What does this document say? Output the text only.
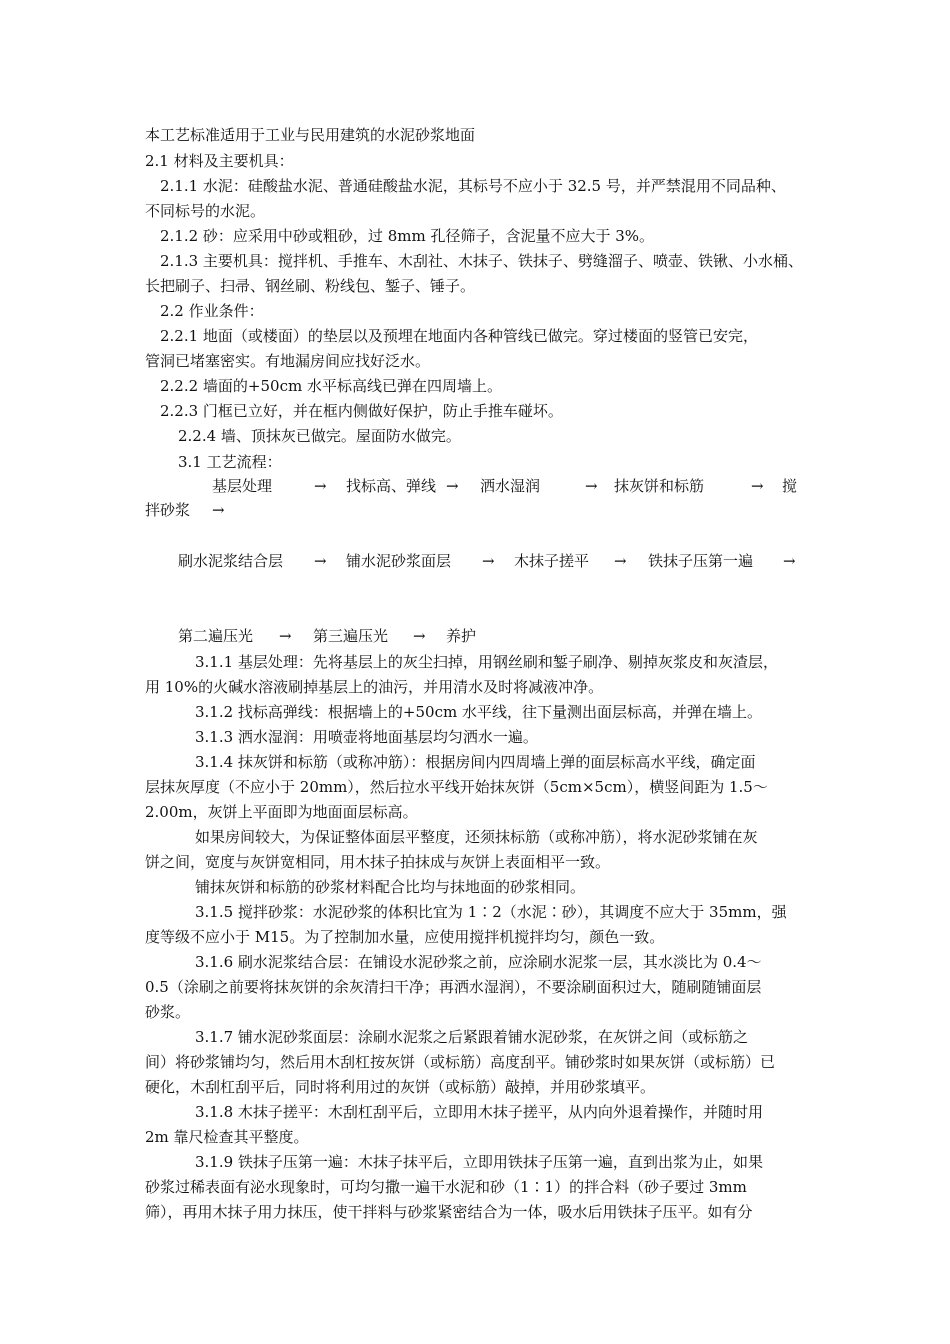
本工艺标准适用于工业与民用建筑的水泥砂浆地面
2.1 材料及主要机具：
2.1.1 水泥：硅酸盐水泥、普通硅酸盐水泥，其标号不应小于 32.5 号，并严禁混用不同品种、
不同标号的水泥。
2.1.2 砂：应采用中砂或粗砂，过 8mm 孔径筛子，含泥量不应大于 3%。
2.1.3 主要机具：搅拌机、手推车、木刮社、木抹子、铁抹子、劈缝溜子、喷壶、铁锹、小水桶、
长把刷子、扫帚、钢丝刷、粉线包、錾子、锤子。
2.2 作业条件：
2.2.1 地面（或楼面）的垫层以及预埋在地面内各种管线已做完。穿过楼面的竖管已安完，
管洞已堵塞密实。有地漏房间应找好泛水。
2.2.2 墙面的+50cm 水平标高线已弹在四周墙上。
2.2.3 门框已立好，并在框内侧做好保护，防止手推车碰坏。
2.2.4 墙、顶抹灰已做完。屋面防水做完。
3.1 工艺流程：
基层处理	→ 找标高、弹线 → 洒水湿润	→ 抹灰饼和标筋	→ 搅
拌砂浆 →
刷水泥浆结合层 → 铺水泥砂浆面层 → 木抹子搓平 → 铁抹子压第一遍 →
第二遍压光 → 第三遍压光 → 养护
3.1.1 基层处理：先将基层上的灰尘扫掉，用钢丝刷和錾子刷净、剔掉灰浆皮和灰渣层，
用 10%的火碱水溶液刷掉基层上的油污，并用清水及时将减液冲净。
3.1.2 找标高弹线：根据墙上的+50cm 水平线，往下量测出面层标高，并弹在墙上。
3.1.3 洒水湿润：用喷壶将地面基层均匀洒水一遍。
3.1.4 抹灰饼和标筋（或称冲筋）：根据房间内四周墙上弹的面层标高水平线，确定面
层抹灰厚度（不应小于 20mm），然后拉水平线开始抹灰饼（5cm×5cm），横竖间距为 1.5～
2.00m，灰饼上平面即为地面面层标高。
如果房间较大，为保证整体面层平整度，还须抹标筋（或称冲筋），将水泥砂浆铺在灰
饼之间，宽度与灰饼宽相同，用木抹子拍抹成与灰饼上表面相平一致。
铺抹灰饼和标筋的砂浆材料配合比均与抹地面的砂浆相同。
3.1.5 搅拌砂浆：水泥砂浆的体积比宜为 1∶2（水泥∶砂），其调度不应大于 35mm，强
度等级不应小于 M15。为了控制加水量，应使用搅拌机搅拌均匀，颜色一致。
3.1.6 刷水泥浆结合层：在铺设水泥砂浆之前，应涂刷水泥浆一层，其水淡比为 0.4～
0.5（涂刷之前要将抹灰饼的余灰清扫干净；再洒水湿润），不要涂刷面积过大，随刷随铺面层
砂浆。
3.1.7 铺水泥砂浆面层：涂刷水泥浆之后紧跟着铺水泥砂浆，在灰饼之间（或标筋之
间）将砂浆铺均匀，然后用木刮杠按灰饼（或标筋）高度刮平。铺砂浆时如果灰饼（或标筋）已
硬化，木刮杠刮平后，同时将利用过的灰饼（或标筋）敲掉，并用砂浆填平。
3.1.8 木抹子搓平：木刮杠刮平后，立即用木抹子搓平，从内向外退着操作，并随时用
2m 靠尺检查其平整度。
3.1.9 铁抹子压第一遍：木抹子抹平后，立即用铁抹子压第一遍，直到出浆为止，如果
砂浆过稀表面有泌水现象时，可均匀撒一遍干水泥和砂（1∶1）的拌合料（砂子要过 3mm
筛），再用木抹子用力抹压，使干拌料与砂浆紧密结合为一体，吸水后用铁抹子压平。如有分
